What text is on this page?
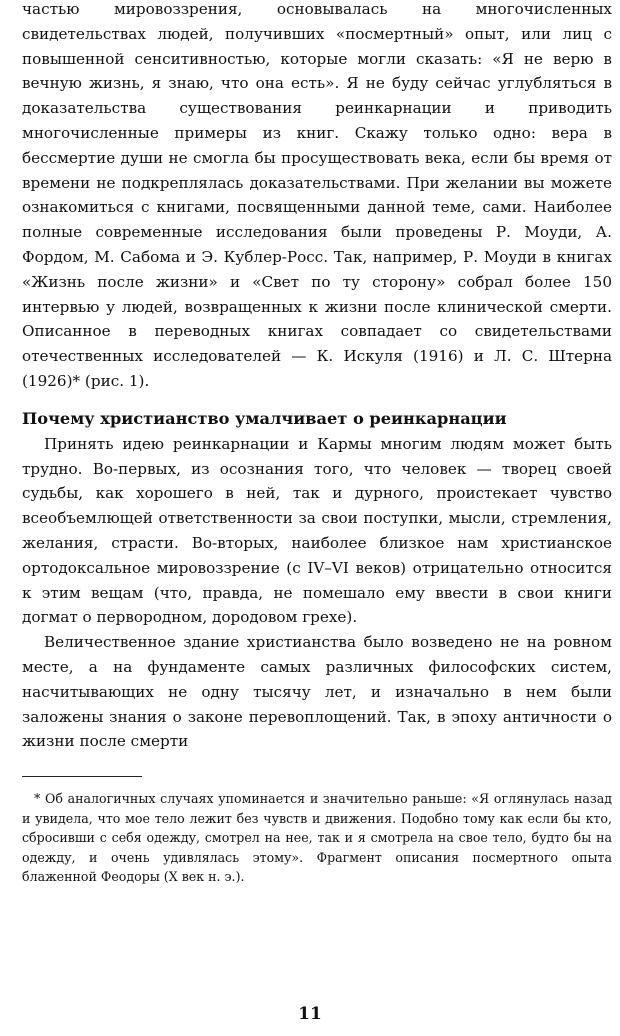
частью мировоззрения, основывалась на многочисленных свидетельствах людей, получивших «посмертный» опыт, или лиц с повышенной сенситивностью, которые могли сказать: «Я не верю в вечную жизнь, я знаю, что она есть». Я не буду сейчас углубляться в доказательства существования реинкарнации и приводить многочисленные примеры из книг. Скажу только одно: вера в бессмертие души не смогла бы просуществовать века, если бы время от времени не подкреплялась доказательствами. При желании вы можете ознакомиться с книгами, посвященными данной теме, сами. Наиболее полные современные исследования были проведены Р. Моуди, А. Фордом, М. Сабома и Э. Кублер-Росс. Так, например, Р. Моуди в книгах «Жизнь после жизни» и «Свет по ту сторону» собрал более 150 интервью у людей, возвращенных к жизни после клинической смерти. Описанное в переводных книгах совпадает со свидетельствами отечественных исследователей — К. Искуля (1916) и Л. С. Штерна (1926)* (рис. 1).

Почему христианство умалчивает о реинкарнации

Принять идею реинкарнации и Кармы многим людям может быть трудно. Во-первых, из осознания того, что человек — творец своей судьбы, как хорошего в ней, так и дурного, проистекает чувство всеобъемлющей ответственности за свои поступки, мысли, стремления, желания, страсти. Во-вторых, наиболее близкое нам христианское ортодоксальное мировоззрение (с IV–VI веков) отрицательно относится к этим вещам (что, правда, не помешало ему ввести в свои книги догмат о первородном, дородовом грехе).

Величественное здание христианства было возведено не на ровном месте, а на фундаменте самых различных философских систем, насчитывающих не одну тысячу лет, и изначально в нем были заложены знания о законе перевоплощений. Так, в эпоху античности о жизни после смерти

* Об аналогичных случаях упоминается и значительно раньше: «Я оглянулась назад и увидела, что мое тело лежит без чувств и движения. Подобно тому как если бы кто, сбросивши с себя одежду, смотрел на нее, так и я смотрела на свое тело, будто бы на одежду, и очень удивлялась этому». Фрагмент описания посмертного опыта блаженной Феодоры (X век н. э.).

11
